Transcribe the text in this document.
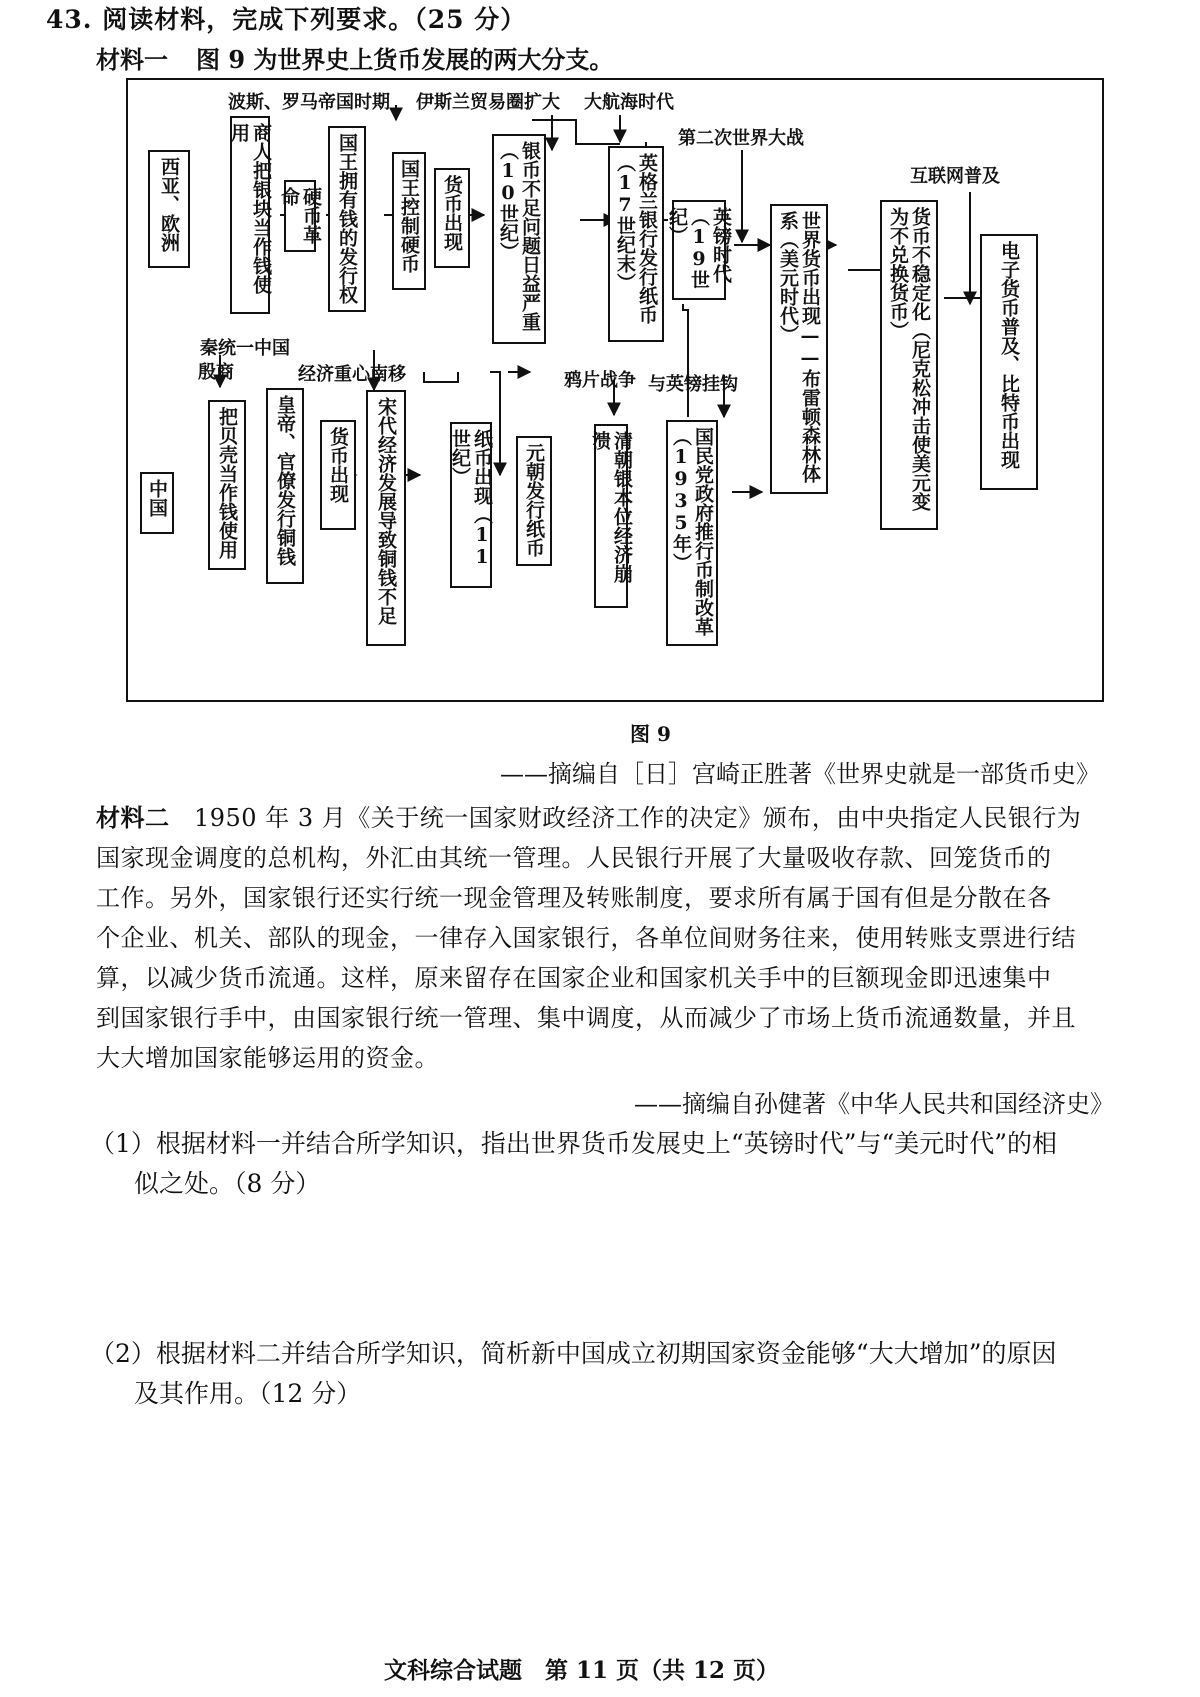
43. 阅读材料，完成下列要求。（25 分）
材料一 图 9 为世界史上货币发展的两大分支。
西亚、欧洲	商人把银块当作钱使用
硬币革命	国王拥有钱的发行权 国王控制硬币 货币出现	银币不足问题日益严重（10世纪）	英格兰银行发行纸币（17世纪末）	英镑时代（19世纪）	世界货币出现——布雷顿森林体系（美元时代）	货币不稳定化（尼克松冲击使美元变为不兑换货币）	电子货币普及、比特币出现
波斯、罗马帝国时期 伊斯兰贸易圈扩大 大航海时代
第二次世界大战
互联网普及
中国	把贝壳当作钱使用 皇帝、官僚发行铜钱 货币出现 宋代经济发展导致铜钱不足	纸币出现（11世纪）	元朝发行纸币	清朝银本位经济崩溃	国民党政府推行币制改革（1935年）
秦统一中国
殷商	经济重心南移	鸦片战争 与英镑挂钩
图 9
——摘编自［日］宫崎正胜著《世界史就是一部货币史》
材料二　 1950 年 3 月《关于统一国家财政经济工作的决定》颁布，由中央指定人民银行为
国家现金调度的总机构，外汇由其统一管理。人民银行开展了大量吸收存款、回笼货币的
工作。另外，国家银行还实行统一现金管理及转账制度，要求所有属于国有但是分散在各
个企业、机关、部队的现金，一律存入国家银行，各单位间财务往来，使用转账支票进行结
算，以减少货币流通。这样，原来留存在国家企业和国家机关手中的巨额现金即迅速集中
到国家银行手中，由国家银行统一管理、集中调度，从而减少了市场上货币流通数量，并且
大大增加国家能够运用的资金。
——摘编自孙健著《中华人民共和国经济史》
（1）根据材料一并结合所学知识，指出世界货币发展史上“英镑时代”与“美元时代”的相
似之处。（8 分）
（2）根据材料二并结合所学知识，简析新中国成立初期国家资金能够“大大增加”的原因
及其作用。（12 分）
文科综合试题　第 11 页（共 12 页）
